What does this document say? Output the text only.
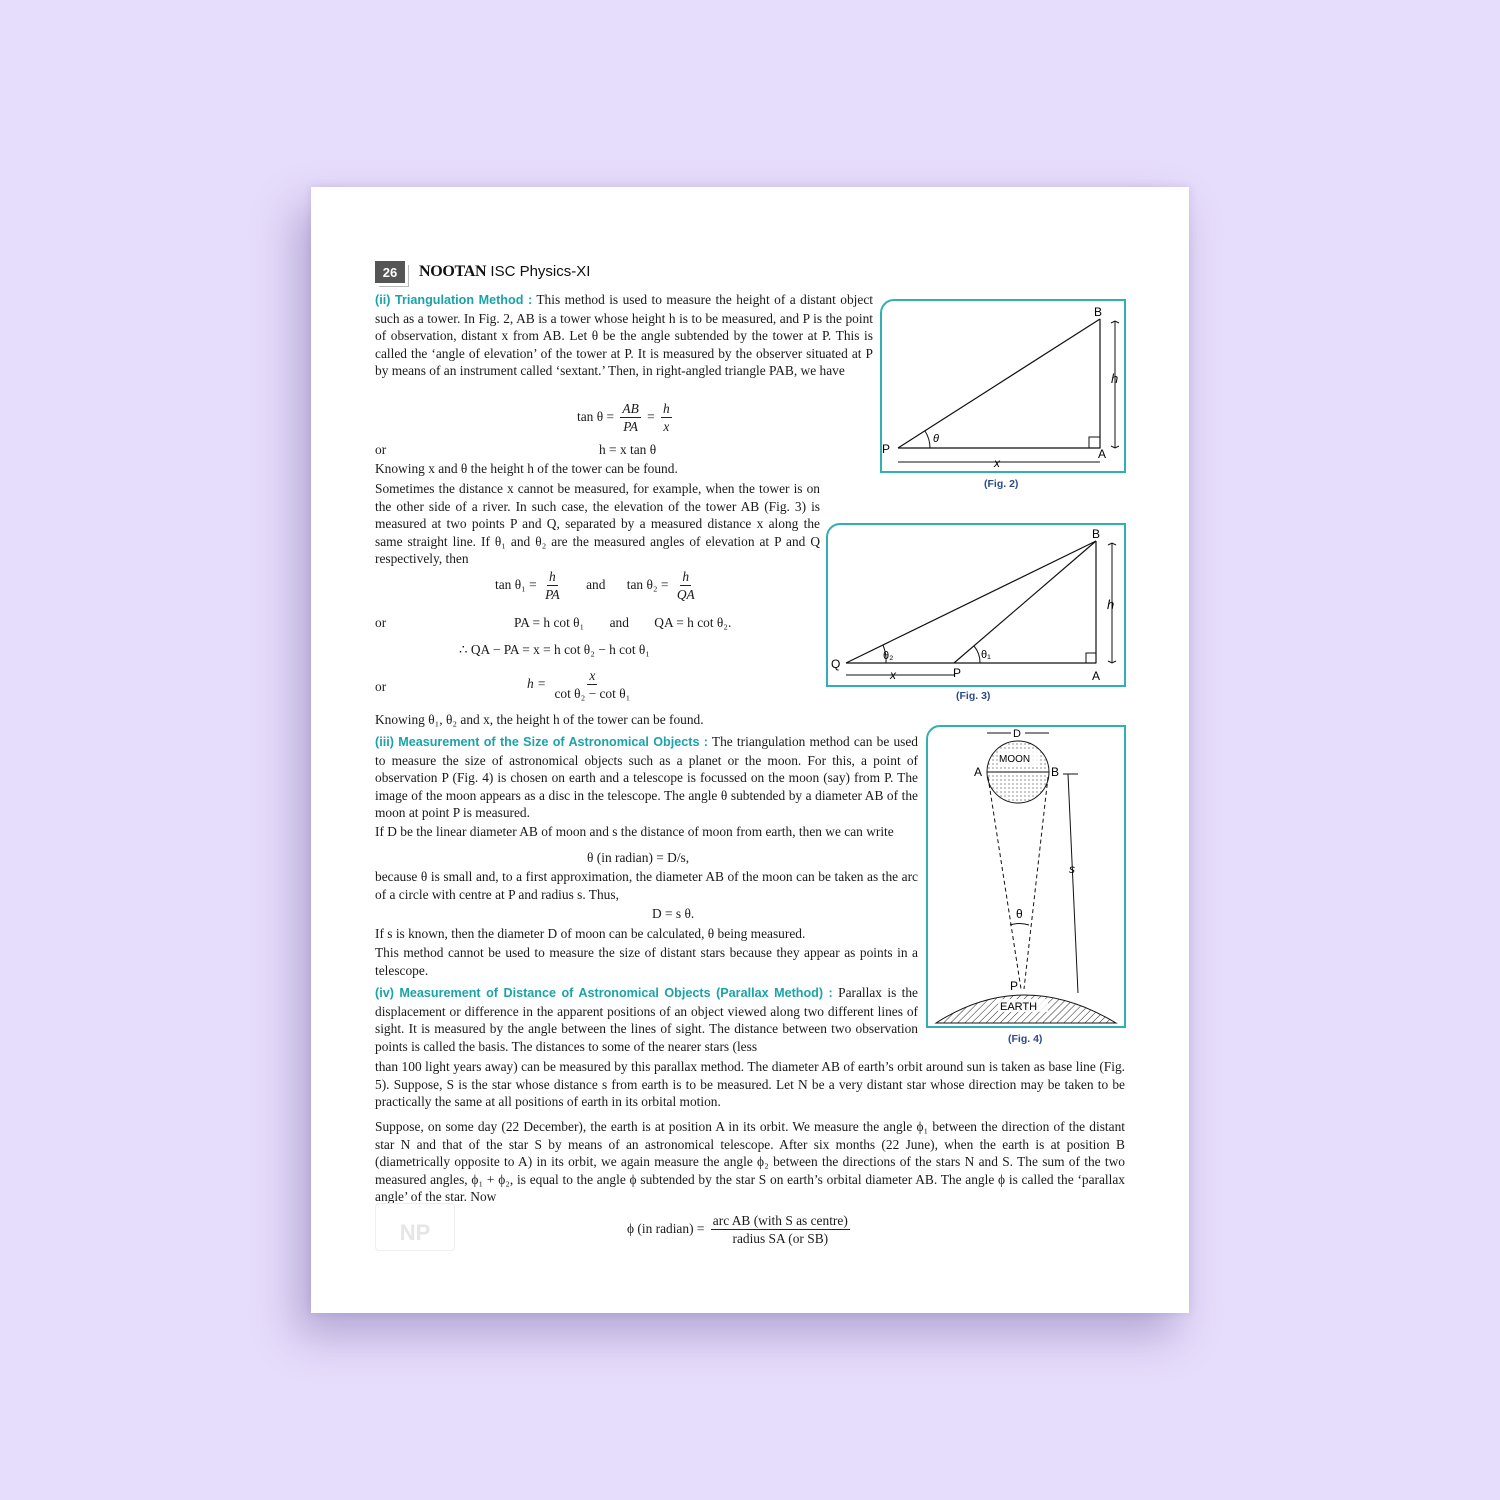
26	NOOTAN ISC Physics-XI
(ii) Triangulation Method : This method is used to measure the height of a distant object such as a tower. In Fig. 2, AB is a tower whose height h is to be measured, and P is the point of observation, distant x from AB. Let θ be the angle subtended by the tower at P. This is called the ‘angle of elevation’ of the tower at P. It is measured by the observer situated at P by means of an instrument called ‘sextant.’ Then, in right-angled triangle PAB, we have
$\tan \theta = \frac{AB}{PA} = \frac{h}{x}$
or	h = x tan θ
Knowing x and θ the height h of the tower can be found.
Sometimes the distance x cannot be measured, for example, when the tower is on the other side of a river. In such case, the elevation of the tower AB (Fig. 3) is measured at two points P and Q, separated by a measured distance x along the same straight line. If θ₁ and θ₂ are the measured angles of elevation at P and Q respectively, then
$\tan \theta_1 = \frac{h}{PA}$ and $\tan \theta_2 = \frac{h}{QA}$
or	PA = h cot θ₁ and QA = h cot θ₂.
∴ QA − PA = x = h cot θ₂ − h cot θ₁
or	$h = \frac{x}{\text{cot θ₂ − cot θ₁}}$
Knowing θ₁, θ₂ and x, the height h of the tower can be found.
(iii) Measurement of the Size of Astronomical Objects : The triangulation method can be used to measure the size of astronomical objects such as a planet or the moon. For this, a point of observation P (Fig. 4) is chosen on earth and a telescope is focussed on the moon (say) from P. The image of the moon appears as a disc in the telescope. The angle θ subtended by a diameter AB of the moon at point P is measured.
If D be the linear diameter AB of moon and s the distance of moon from earth, then we can write
θ (in radian) = D/s,
because θ is small and, to a first approximation, the diameter AB of the moon can be taken as the arc of a circle with centre at P and radius s. Thus,
D = s θ.
If s is known, then the diameter D of moon can be calculated, θ being measured.
This method cannot be used to measure the size of distant stars because they appear as points in a telescope.
(iv) Measurement of Distance of Astronomical Objects (Parallax Method) : Parallax is the displacement or difference in the apparent positions of an object viewed along two different lines of sight. It is measured by the angle between the lines of sight. The distance between two observation points is called the basis. The distances to some of the nearer stars (less
than 100 light years away) can be measured by this parallax method. The diameter AB of earth’s orbit around sun is taken as base line (Fig. 5). Suppose, S is the star whose distance s from earth is to be measured. Let N be a very distant star whose direction may be taken to be practically the same at all positions of earth in its orbital motion.
Suppose, on some day (22 December), the earth is at position A in its orbit. We measure the angle ϕ₁ between the direction of the distant star N and that of the star S by means of an astronomical telescope. After six months (22 June), when the earth is at position B (diametrically opposite to A) in its orbit, we again measure the angle ϕ₂ between the directions of the stars N and S. The sum of the two measured angles, ϕ₁ + ϕ₂, is equal to the angle ϕ subtended by the star S on earth’s orbital diameter AB. The angle ϕ is called the ‘parallax angle’ of the star. Now
ϕ (in radian) = $\frac{\text{arc AB (with S as centre)}}{\text{radius SA (or SB)}}$
NP
P
B
A
h
x
θ
(Fig. 2)
Q
P
B
A
h
x
θ₂	θ₁
(Fig. 3)
MOON
D
A	B
θ
s
P
EARTH
(Fig. 4)
